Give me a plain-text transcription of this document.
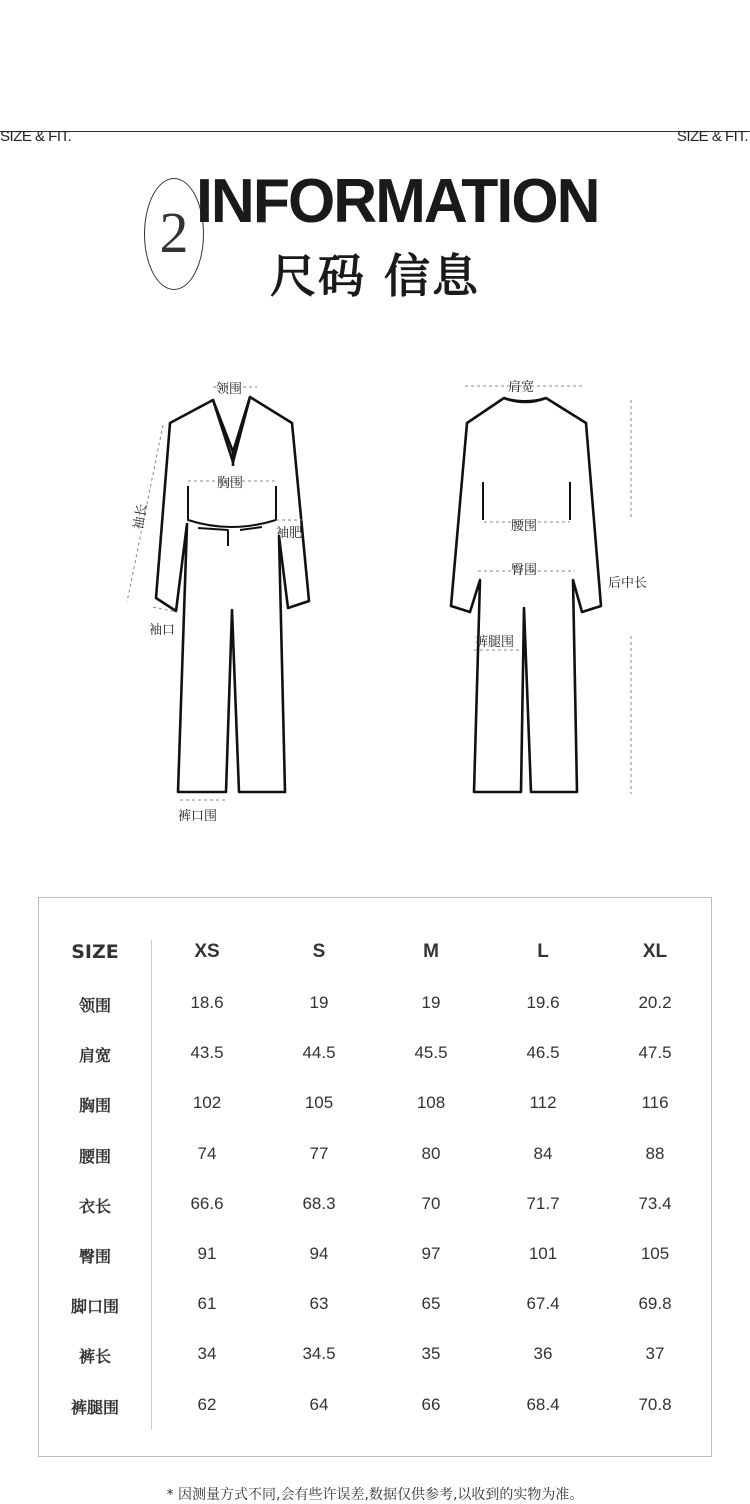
SIZE & FIT.	SIZE & FIT.
2 INFORMATION
尺码 信息
领围
胸围
袖长
袖肥
袖口
裤口围
肩宽
腰围
臀围
后中长
裤腿围
SIZE	XS	S	M	L	XL
领围	18.6	19	19	19.6	20.2
肩宽	43.5	44.5	45.5	46.5	47.5
胸围	102	105	108	112	116
腰围	74	77	80	84	88
衣长	66.6	68.3	70	71.7	73.4
臀围	91	94	97	101	105
脚口围	61	63	65	67.4	69.8
裤长	34	34.5	35	36	37
裤腿围	62	64	66	68.4	70.8
* 因测量方式不同,会有些许误差,数据仅供参考,以收到的实物为准。
